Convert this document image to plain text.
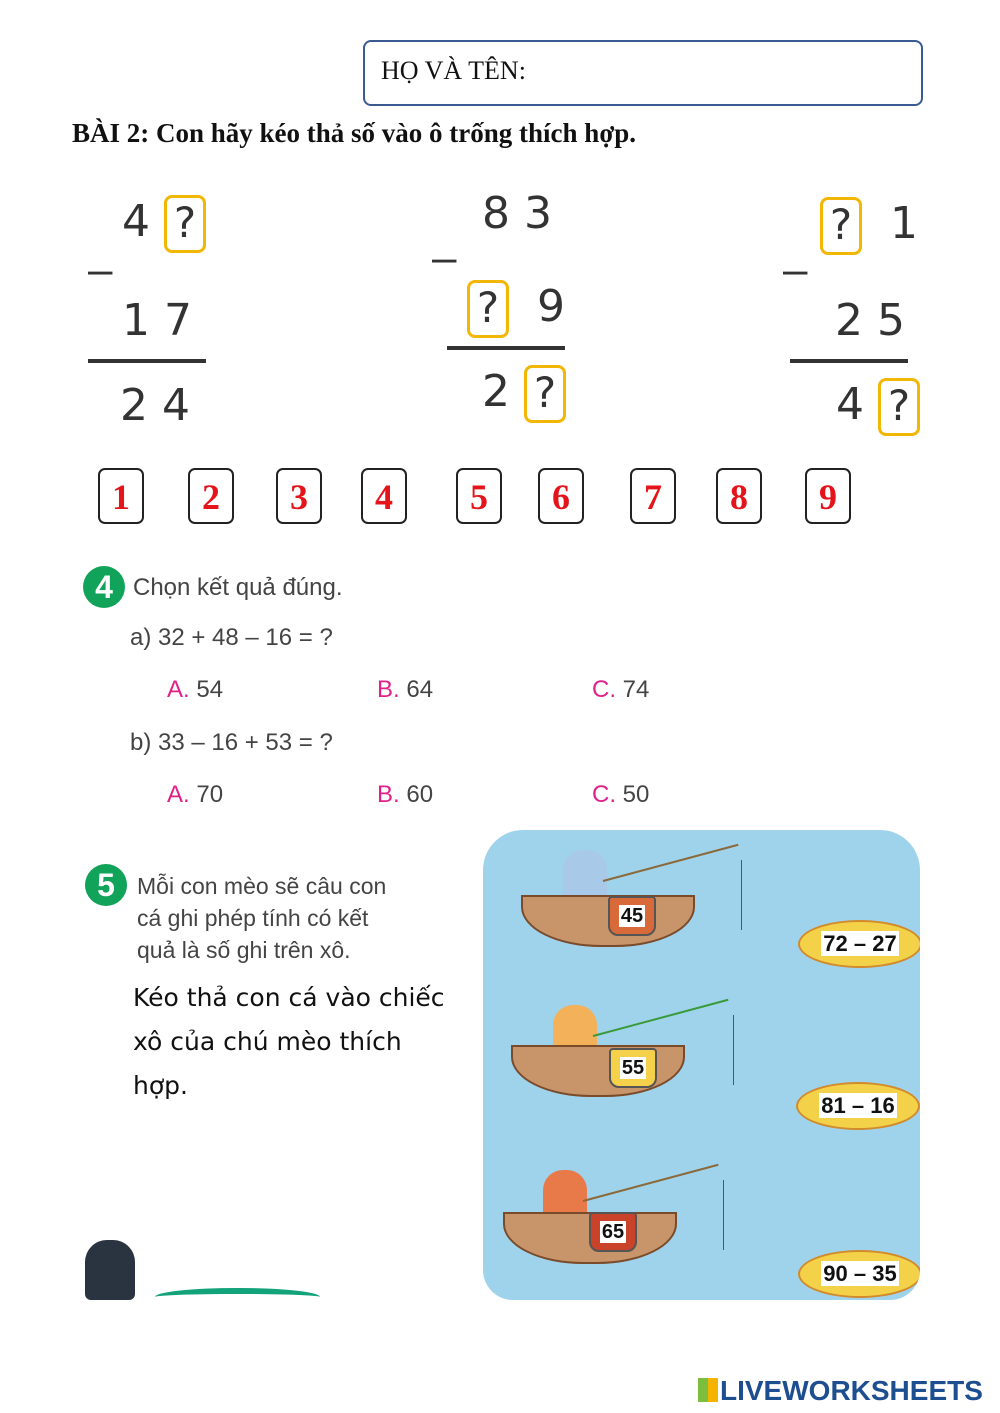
HỌ VÀ TÊN:
BÀI 2: Con hãy kéo thả số vào ô trống thích hợp.
4 ?
–
17
24
83
–
? 9
2 ?
? 1
–
25
4 ?
1	2	3	4	5	6	7	8	9
4 Chọn kết quả đúng.
a) 32 + 48 – 16 = ?
A. 54	B. 64	C. 74
b) 33 – 16 + 53 = ?
A. 70	B. 60	C. 50
5 Mỗi con mèo sẽ câu con
cá ghi phép tính có kết
quả là số ghi trên xô.
Kéo thả con cá vào chiếc
xô của chú mèo thích
hợp.
45
55
65
72 – 27
81 – 16
90 – 35
LIVEWORKSHEETS
